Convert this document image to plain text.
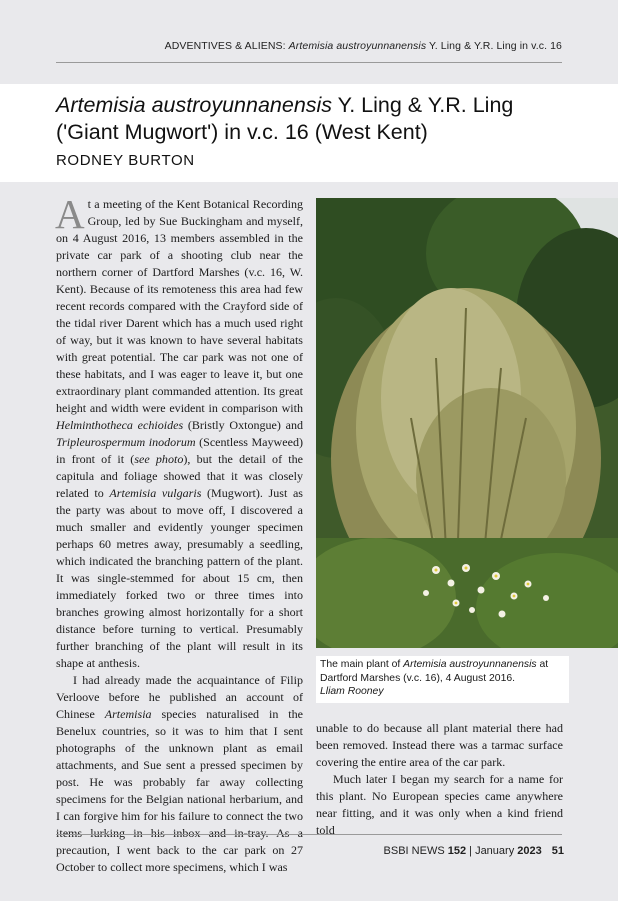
ADVENTIVES & ALIENS: Artemisia austroyunnanensis Y. Ling & Y.R. Ling in v.c. 16
Artemisia austroyunnanensis Y. Ling & Y.R. Ling ('Giant Mugwort') in v.c. 16 (West Kent)
RODNEY BURTON

At a meeting of the Kent Botanical Recording Group, led by Sue Buckingham and myself, on 4 August 2016, 13 members assembled in the private car park of a shooting club near the northern corner of Dartford Marshes (v.c. 16, W. Kent). Because of its remoteness this area had few recent records compared with the Crayford side of the tidal river Darent which has a much used right of way, but it was known to have several habitats with great potential. The car park was not one of these habitats, and I was eager to leave it, but one extraordinary plant commanded attention. Its great height and width were evident in comparison with Helminthotheca echioides (Bristly Oxtongue) and Tripleurospermum inodorum (Scentless Mayweed) in front of it (see photo), but the detail of the capitula and foliage showed that it was closely related to Artemisia vulgaris (Mugwort). Just as the party was about to move off, I discovered a much smaller and evidently younger specimen perhaps 60 metres away, presumably a seedling, which indicated the branching pattern of the plant. It was single-stemmed for about 15 cm, then immediately forked two or three times into branches growing almost horizontally for a short distance before turning to vertical. Presumably further branching of the plant will result in its shape at anthesis.

I had already made the acquaintance of Filip Verloove before he published an account of Chinese Artemisia species naturalised in the Benelux countries, so it was to him that I sent photographs of the unknown plant as email attachments, and Sue sent a pressed specimen by post. He was probably far away collecting specimens for the Belgian national herbarium, and I can forgive him for his failure to connect the two items lurking in his inbox and in-tray. As a precaution, I went back to the car park on 27 October to collect more specimens, which I was

The main plant of Artemisia austroyunnanensis at Dartford Marshes (v.c. 16), 4 August 2016.
Lliam Rooney

unable to do because all plant material there had been removed. Instead there was a tarmac surface covering the entire area of the car park.

Much later I began my search for a name for this plant. No European species came anywhere near fitting, and it was only when a kind friend told

BSBI NEWS 152 | January 2023 51
